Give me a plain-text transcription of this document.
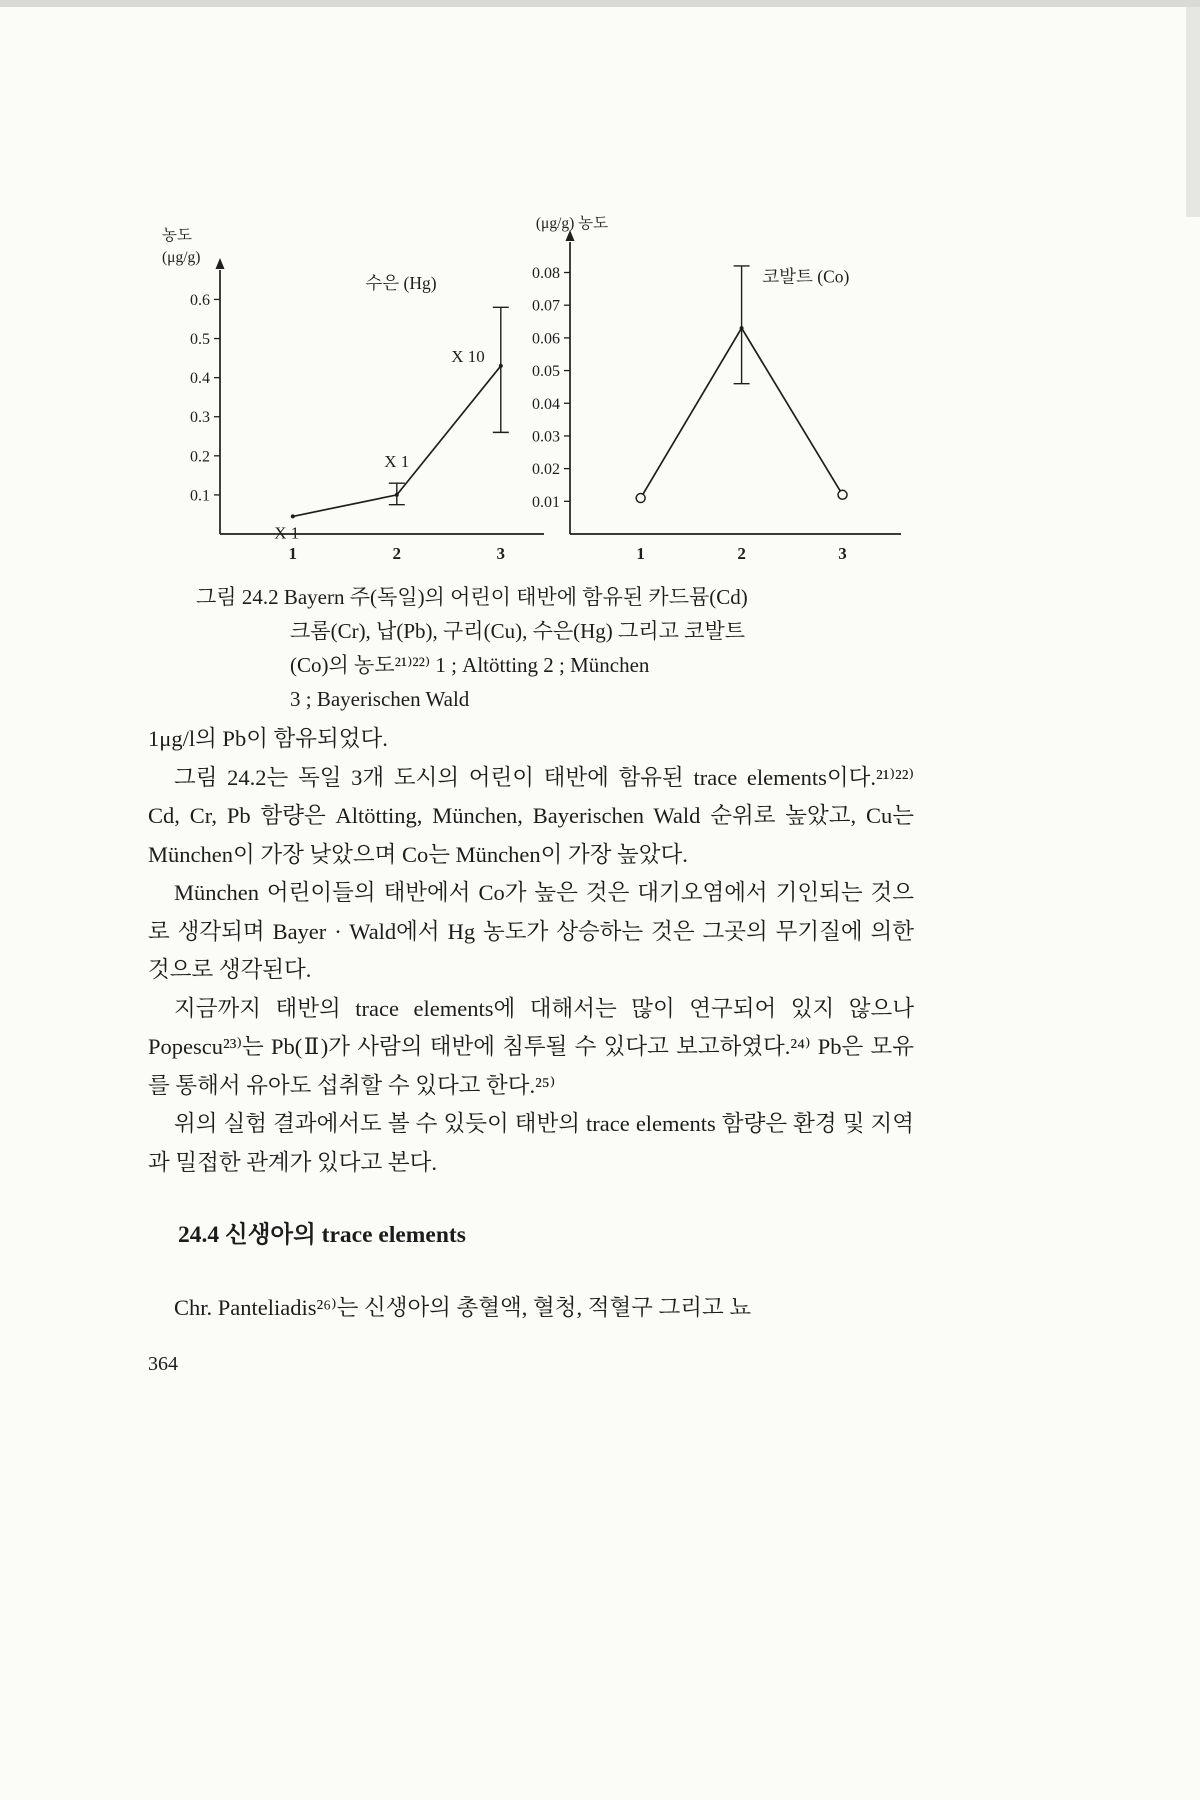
0.1
0.2
0.3
0.4
0.5
0.6
1	2	3
X 1
X 1
X 10
수은 (Hg)
농도
(μg/g)
0.01
0.02
0.03
0.04
0.05
0.06
0.07
0.08
1	2	3
코발트 (Co)
(μg/g) 농도
그림 24.2 Bayern 주(독일)의 어린이 태반에 함유된 카드뮴(Cd)
크롬(Cr), 납(Pb), 구리(Cu), 수은(Hg) 그리고 코발트
(Co)의 농도²¹⁾²²⁾ 1 ; Altötting 2 ; München
3 ; Bayerischen Wald

1μg/l의 Pb이 함유되었다.

그림 24.2는 독일 3개 도시의 어린이 태반에 함유된 trace elements이다.²¹⁾²²⁾ Cd, Cr, Pb 함량은 Altötting, München, Bayerischen Wald 순위로 높았고, Cu는 München이 가장 낮았으며 Co는 München이 가장 높았다.

München 어린이들의 태반에서 Co가 높은 것은 대기오염에서 기인되는 것으로 생각되며 Bayer · Wald에서 Hg 농도가 상승하는 것은 그곳의 무기질에 의한 것으로 생각된다.

지금까지 태반의 trace elements에 대해서는 많이 연구되어 있지 않으나 Popescu²³⁾는 Pb(Ⅱ)가 사람의 태반에 침투될 수 있다고 보고하였다.²⁴⁾ Pb은 모유를 통해서 유아도 섭취할 수 있다고 한다.²⁵⁾

위의 실험 결과에서도 볼 수 있듯이 태반의 trace elements 함량은 환경 및 지역과 밀접한 관계가 있다고 본다.

24.4 신생아의 trace elements

Chr. Panteliadis²⁶⁾는 신생아의 총혈액, 혈청, 적혈구 그리고 뇨

364
